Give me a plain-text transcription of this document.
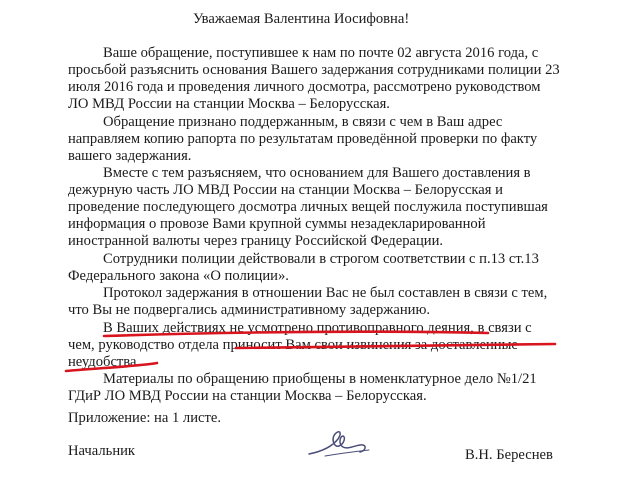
Уважаемая Валентина Иосифовна!

Ваше обращение, поступившее к нам по почте 02 августа 2016 года, с

просьбой разъяснить основания Вашего задержания сотрудниками полиции 23

июля 2016 года и проведения личного досмотра, рассмотрено руководством

ЛО МВД России на станции Москва – Белорусская.

Обращение признано поддержанным, в связи с чем в Ваш адрес

направляем копию рапорта по результатам проведённой проверки по факту

вашего задержания.

Вместе с тем разъясняем, что основанием для Вашего доставления в

дежурную часть ЛО МВД России на станции Москва – Белорусская и

проведение последующего досмотра личных вещей послужила поступившая

информация о провозе Вами крупной суммы незадекларированной

иностранной валюты через границу Российской Федерации.

Сотрудники полиции действовали в строгом соответствии с п.13 ст.13

Федерального закона «О полиции».

Протокол задержания в отношении Вас не был составлен в связи с тем,

что Вы не подвергались административному задержанию.

В Ваших действиях не усмотрено противоправного деяния, в связи с

чем, руководство отдела приносит Вам свои извинения за доставленные

неудобства.

Материалы по обращению приобщены в номенклатурное дело №1/21

ГДиР ЛО МВД России на станции Москва – Белорусская.

Приложение: на 1 листе.

Начальник	В.Н. Береснев
